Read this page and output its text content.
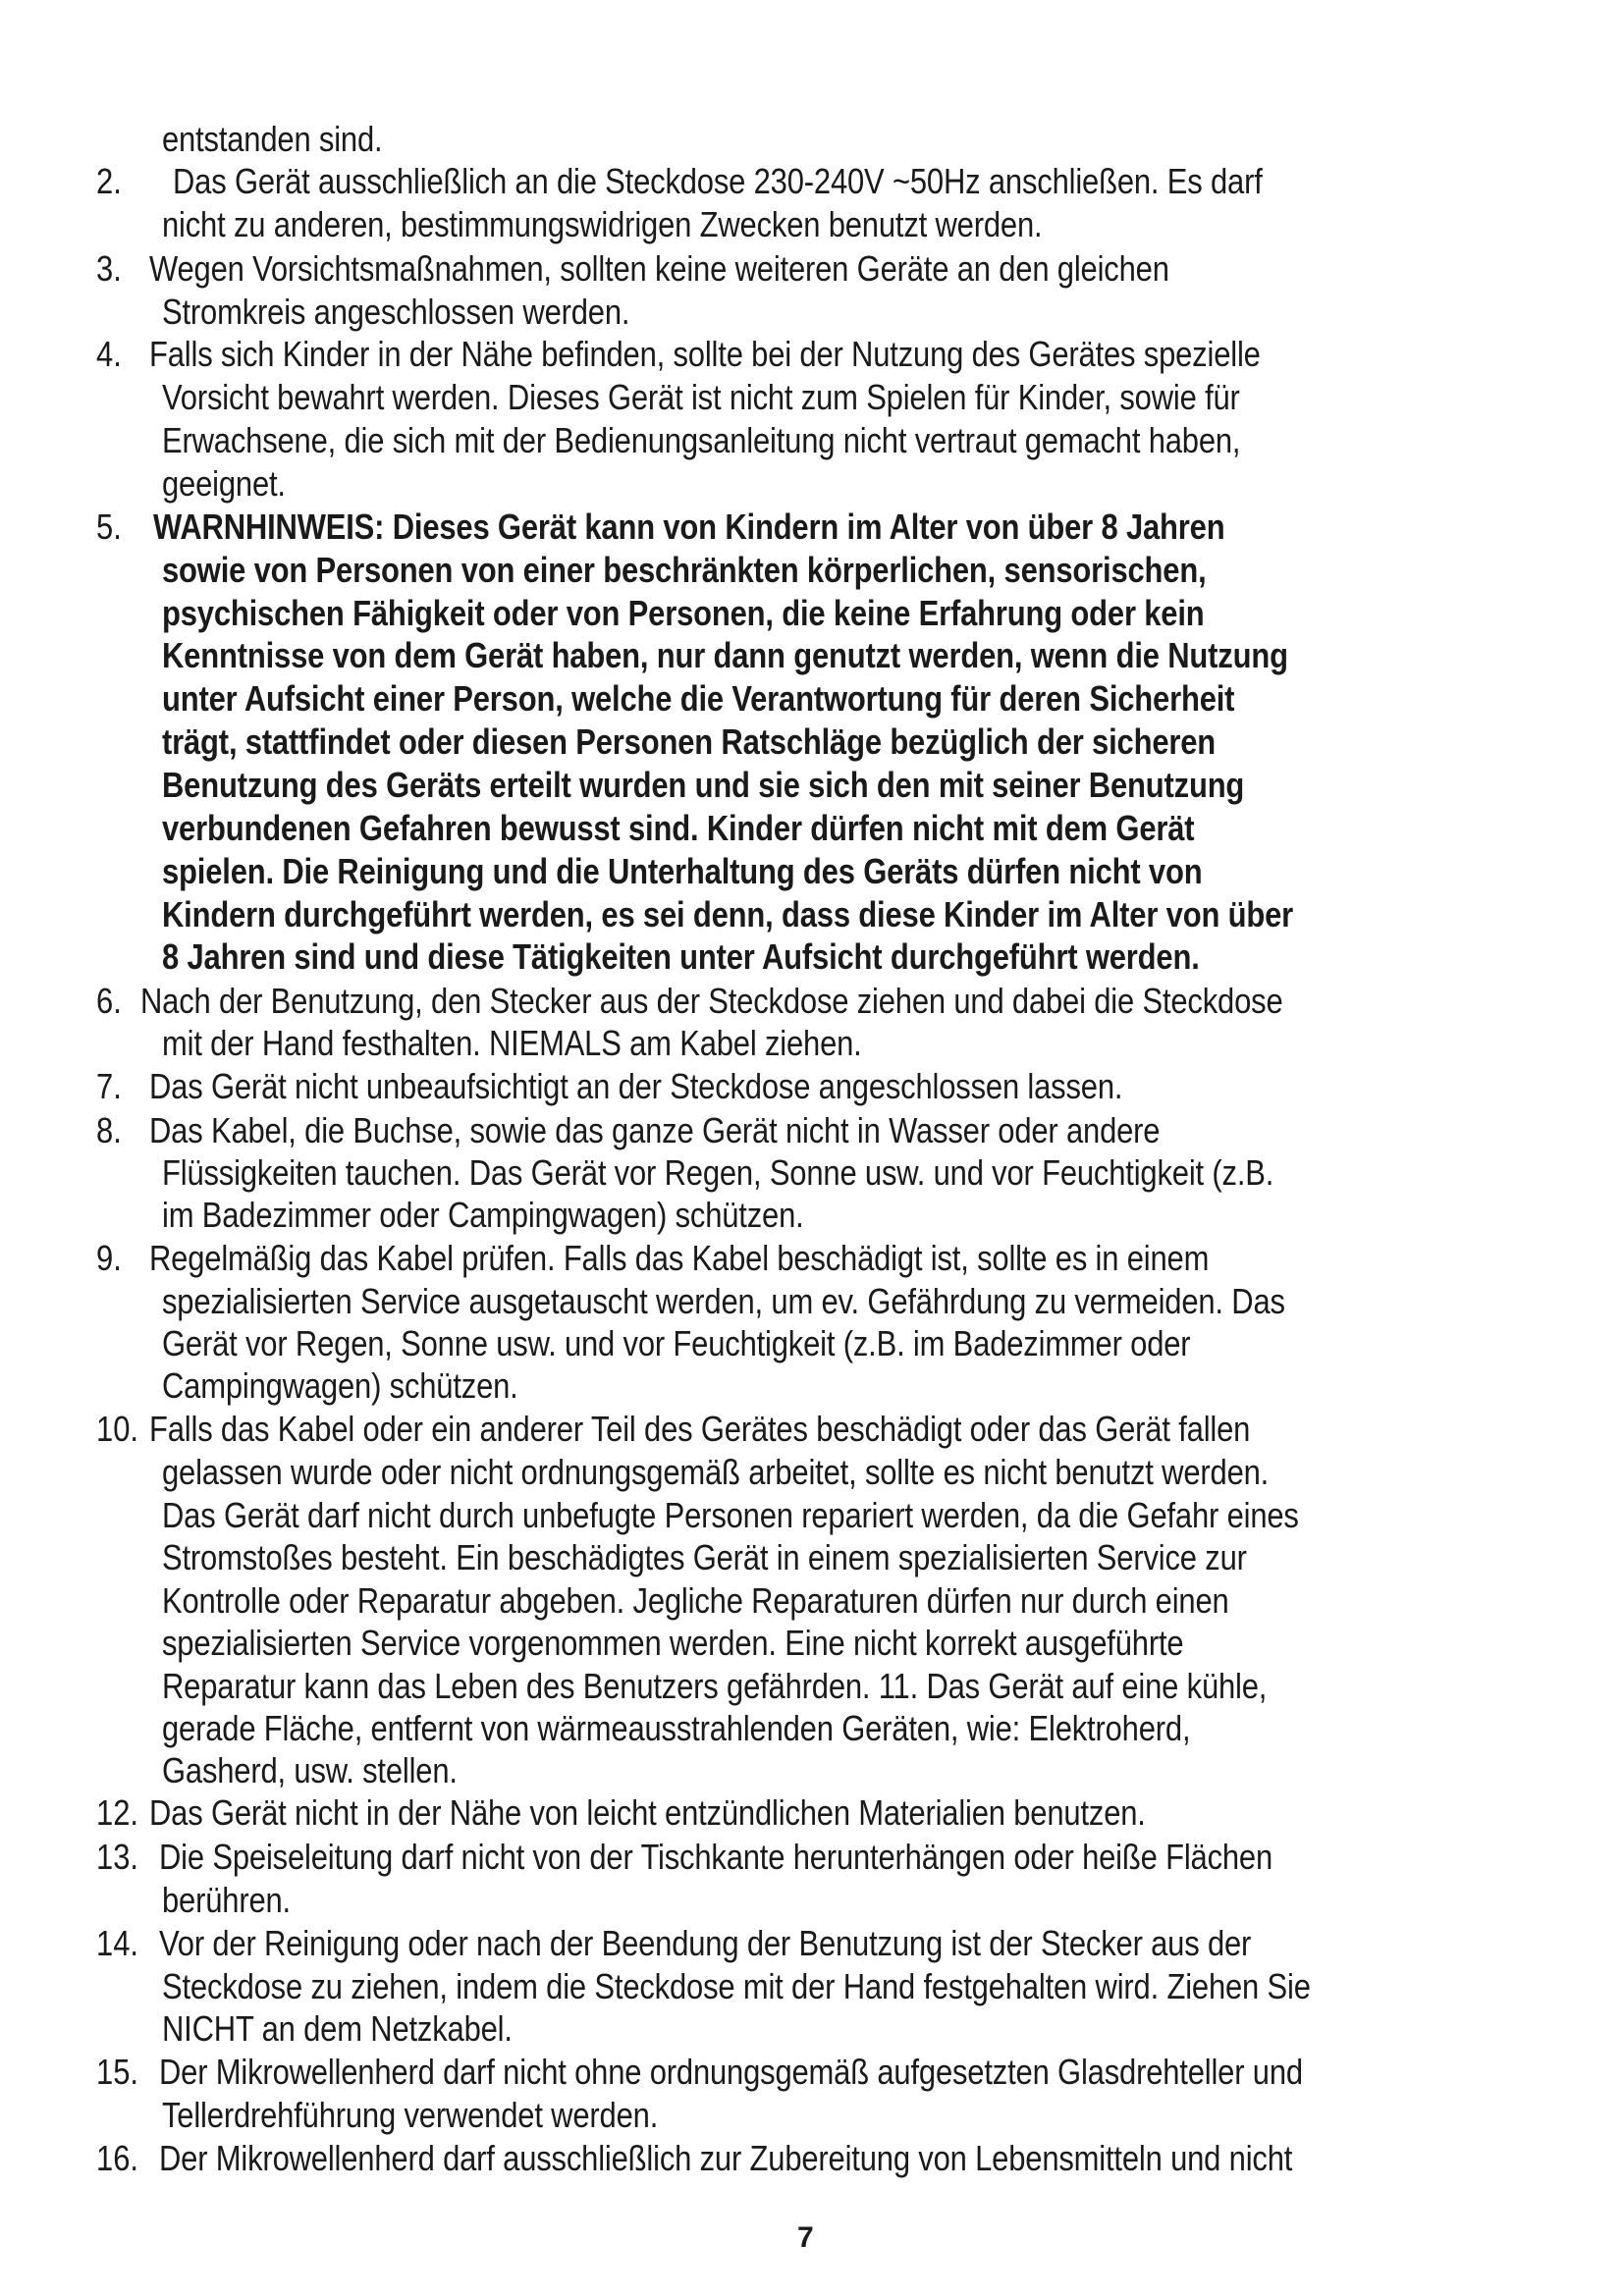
2.
3.
4.
5.
6.
7.
8.
9.
10.
12.
13.
14.
15.
16.
entstanden sind.
Das Gerät ausschließlich an die Steckdose 230-240V ~50Hz anschließen. Es darf
nicht zu anderen, bestimmungswidrigen Zwecken benutzt werden.
Wegen Vorsichtsmaßnahmen, sollten keine weiteren Geräte an den gleichen
Stromkreis angeschlossen werden.
Falls sich Kinder in der Nähe befinden, sollte bei der Nutzung des Gerätes spezielle
Vorsicht bewahrt werden. Dieses Gerät ist nicht zum Spielen für Kinder, sowie für
Erwachsene, die sich mit der Bedienungsanleitung nicht vertraut gemacht haben,
geeignet.
WARNHINWEIS: Dieses Gerät kann von Kindern im Alter von über 8 Jahren
sowie von Personen von einer beschränkten körperlichen, sensorischen,
psychischen Fähigkeit oder von Personen, die keine Erfahrung oder kein
Kenntnisse von dem Gerät haben, nur dann genutzt werden, wenn die Nutzung
unter Aufsicht einer Person, welche die Verantwortung für deren Sicherheit
trägt, stattfindet oder diesen Personen Ratschläge bezüglich der sicheren
Benutzung des Geräts erteilt wurden und sie sich den mit seiner Benutzung
verbundenen Gefahren bewusst sind. Kinder dürfen nicht mit dem Gerät
spielen. Die Reinigung und die Unterhaltung des Geräts dürfen nicht von
Kindern durchgeführt werden, es sei denn, dass diese Kinder im Alter von über
8 Jahren sind und diese Tätigkeiten unter Aufsicht durchgeführt werden.
Nach der Benutzung, den Stecker aus der Steckdose ziehen und dabei die Steckdose
mit der Hand festhalten. NIEMALS am Kabel ziehen.
Das Gerät nicht unbeaufsichtigt an der Steckdose angeschlossen lassen.
Das Kabel, die Buchse, sowie das ganze Gerät nicht in Wasser oder andere
Flüssigkeiten tauchen. Das Gerät vor Regen, Sonne usw. und vor Feuchtigkeit (z.B.
im Badezimmer oder Campingwagen) schützen.
Regelmäßig das Kabel prüfen. Falls das Kabel beschädigt ist, sollte es in einem
spezialisierten Service ausgetauscht werden, um ev. Gefährdung zu vermeiden. Das
Gerät vor Regen, Sonne usw. und vor Feuchtigkeit (z.B. im Badezimmer oder
Campingwagen) schützen.
Falls das Kabel oder ein anderer Teil des Gerätes beschädigt oder das Gerät fallen
gelassen wurde oder nicht ordnungsgemäß arbeitet, sollte es nicht benutzt werden.
Das Gerät darf nicht durch unbefugte Personen repariert werden, da die Gefahr eines
Stromstoßes besteht. Ein beschädigtes Gerät in einem spezialisierten Service zur
Kontrolle oder Reparatur abgeben. Jegliche Reparaturen dürfen nur durch einen
spezialisierten Service vorgenommen werden. Eine nicht korrekt ausgeführte
Reparatur kann das Leben des Benutzers gefährden. 11. Das Gerät auf eine kühle,
gerade Fläche, entfernt von wärmeausstrahlenden Geräten, wie: Elektroherd,
Gasherd, usw. stellen.
Das Gerät nicht in der Nähe von leicht entzündlichen Materialien benutzen.
Die Speiseleitung darf nicht von der Tischkante herunterhängen oder heiße Flächen
berühren.
Vor der Reinigung oder nach der Beendung der Benutzung ist der Stecker aus der
Steckdose zu ziehen, indem die Steckdose mit der Hand festgehalten wird. Ziehen Sie
NICHT an dem Netzkabel.
Der Mikrowellenherd darf nicht ohne ordnungsgemäß aufgesetzten Glasdrehteller und
Tellerdrehführung verwendet werden.
Der Mikrowellenherd darf ausschließlich zur Zubereitung von Lebensmitteln und nicht
7
